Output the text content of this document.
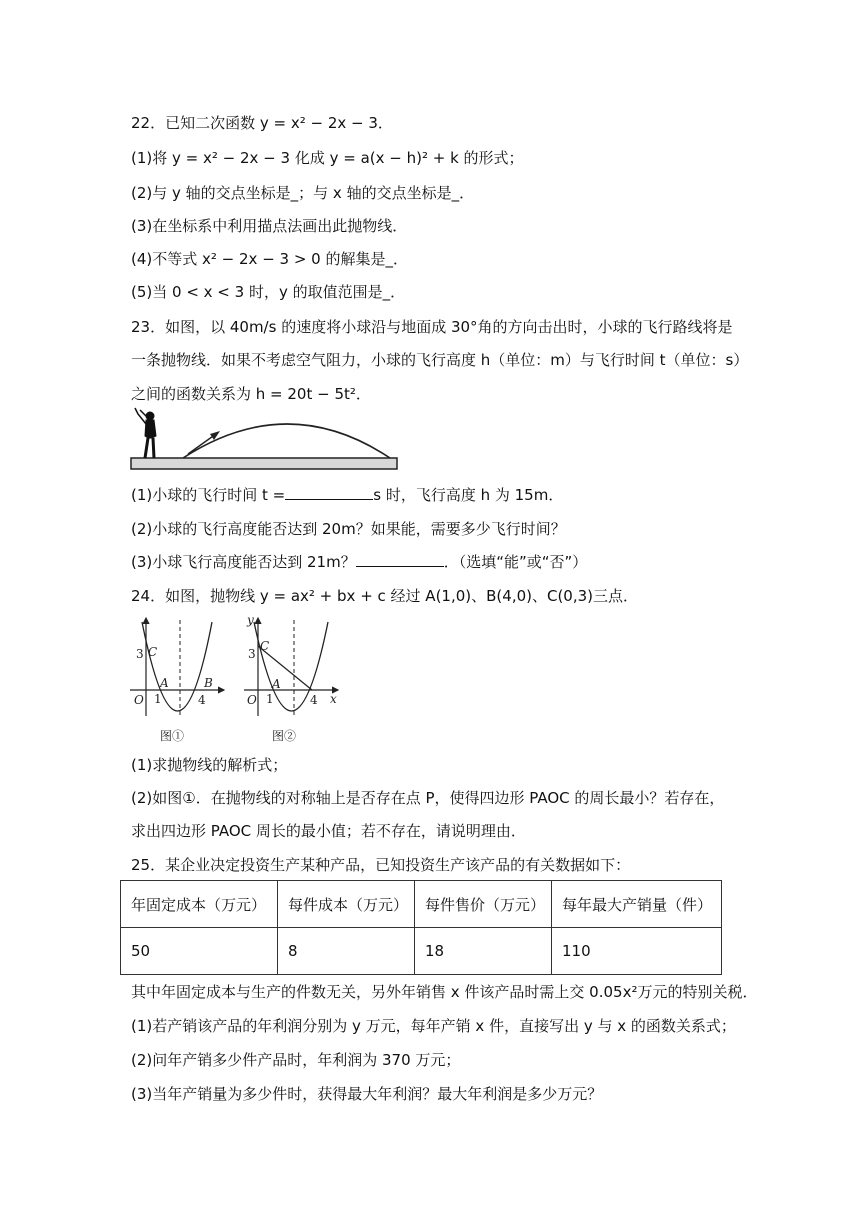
22．已知二次函数 y = x² − 2x − 3．
(1)将 y = x² − 2x − 3 化成 y = a(x − h)² + k 的形式；
(2)与 y 轴的交点坐标是_；与 x 轴的交点坐标是_．
(3)在坐标系中利用描点法画出此抛物线．
(4)不等式 x² − 2x − 3 > 0 的解集是_．
(5)当 0 < x < 3 时，y 的取值范围是_．
23．如图，以 40m/s 的速度将小球沿与地面成 30°角的方向击出时，小球的飞行路线将是
一条抛物线．如果不考虑空气阻力，小球的飞行高度 h（单位：m）与飞行时间 t（单位：s）
之间的函数关系为 h = 20t − 5t²．
(1)小球的飞行时间 t =	s 时，飞行高度 h 为 15m．
(2)小球的飞行高度能否达到 20m？如果能，需要多少飞行时间？
(3)小球飞行高度能否达到 21m？	．（选填“能”或“否”）
24．如图，抛物线 y = ax² + bx + c 经过 A(1,0)、B(4,0)、C(0,3)三点．
3 C
A	B
O 1	4
图①
y
x
3
C
A
O 1	4
图②
(1)求抛物线的解析式；
(2)如图①．在抛物线的对称轴上是否存在点 P，使得四边形 PAOC 的周长最小？若存在，
求出四边形 PAOC 周长的最小值；若不存在，请说明理由．
25．某企业决定投资生产某种产品，已知投资生产该产品的有关数据如下：
年固定成本（万元）	每件成本（万元）	每件售价（万元）	每年最大产销量（件）
50	8	18	110
其中年固定成本与生产的件数无关，另外年销售 x 件该产品时需上交 0.05x²万元的特别关税．
(1)若产销该产品的年利润分别为 y 万元，每年产销 x 件，直接写出 y 与 x 的函数关系式；
(2)问年产销多少件产品时，年利润为 370 万元；
(3)当年产销量为多少件时，获得最大年利润？最大年利润是多少万元？
